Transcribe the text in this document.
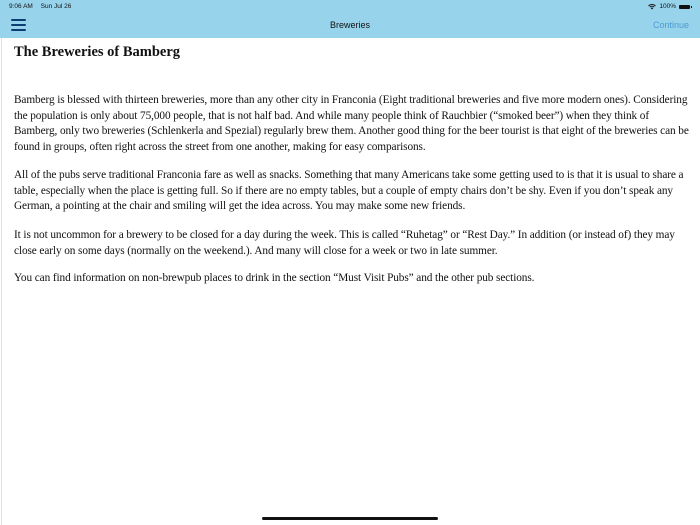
9:06 AM Sun Jul 26	100%
Breweries	Continue
The Breweries of Bamberg

Bamberg is blessed with thirteen breweries, more than any other city in Franconia (Eight traditional breweries and five more modern ones). Considering the population is only about 75,000 people, that is not half bad. And while many people think of Rauchbier (“smoked beer”) when they think of Bamberg, only two breweries (Schlenkerla and Spezial) regularly brew them. Another good thing for the beer tourist is that eight of the breweries can be found in groups, often right across the street from one another, making for easy comparisons.

All of the pubs serve traditional Franconia fare as well as snacks. Something that many Americans take some getting used to is that it is usual to share a table, especially when the place is getting full. So if there are no empty tables, but a couple of empty chairs don’t be shy. Even if you don’t speak any German, a pointing at the chair and smiling will get the idea across. You may make some new friends.

It is not uncommon for a brewery to be closed for a day during the week. This is called “Ruhetag” or “Rest Day.” In addition (or instead of) they may close early on some days (normally on the weekend.). And many will close for a week or two in late summer.

You can find information on non-brewpub places to drink in the section “Must Visit Pubs” and the other pub sections.
